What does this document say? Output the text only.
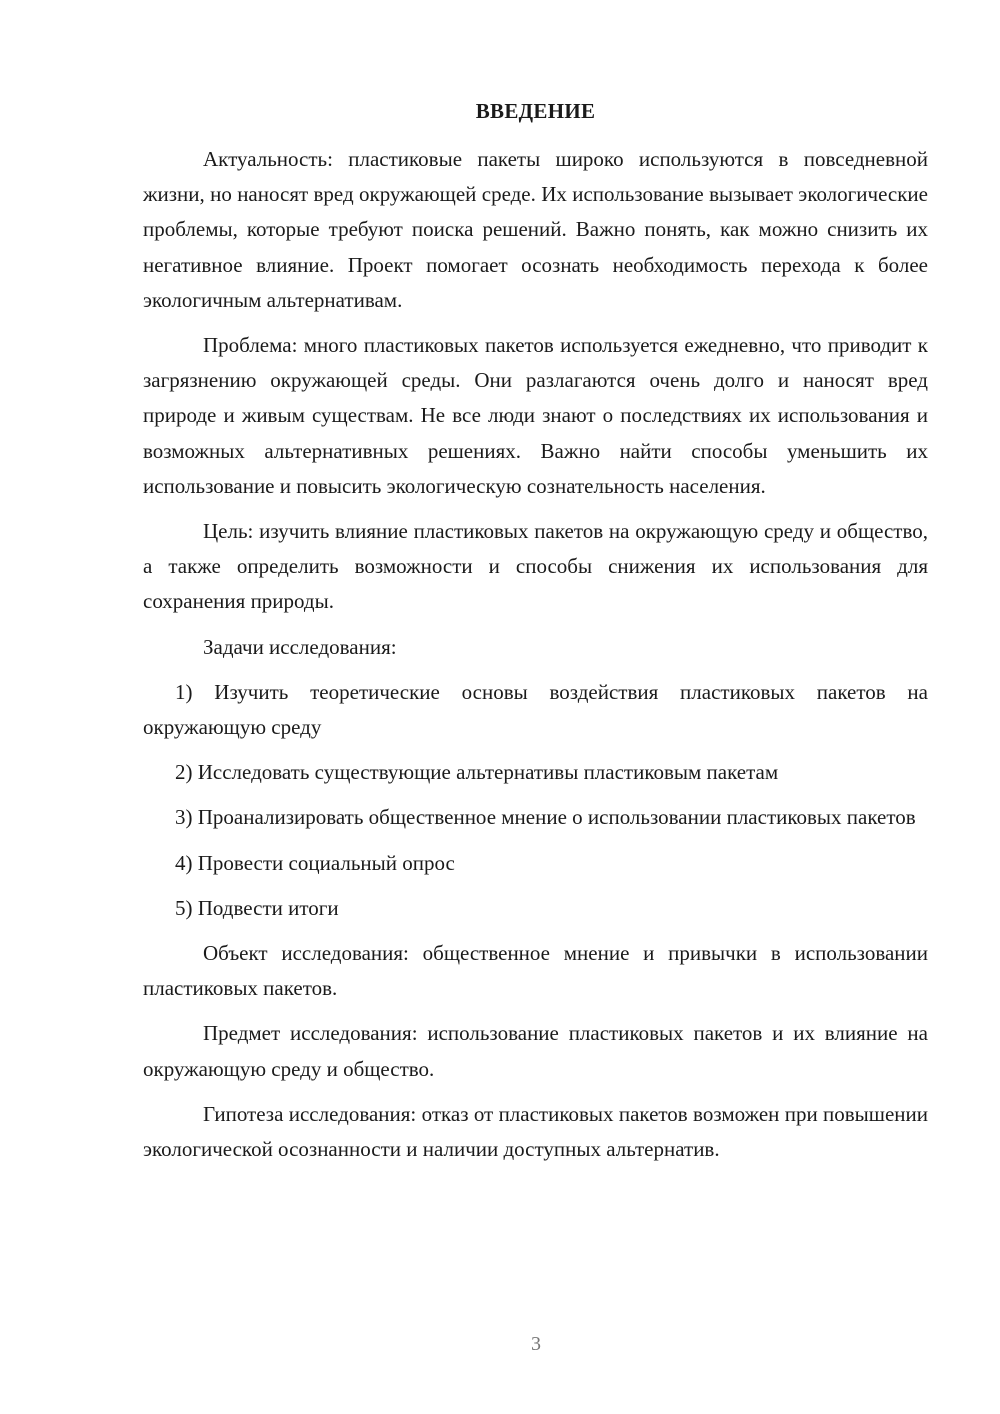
ВВЕДЕНИЕ

Актуальность: пластиковые пакеты широко используются в повседневной жизни, но наносят вред окружающей среде. Их использование вызывает экологические проблемы, которые требуют поиска решений. Важно понять, как можно снизить их негативное влияние. Проект помогает осознать необходимость перехода к более экологичным альтернативам.

Проблема: много пластиковых пакетов используется ежедневно, что приводит к загрязнению окружающей среды. Они разлагаются очень долго и наносят вред природе и живым существам. Не все люди знают о последствиях их использования и возможных альтернативных решениях. Важно найти способы уменьшить их использование и повысить экологическую сознательность населения.

Цель: изучить влияние пластиковых пакетов на окружающую среду и общество, а также определить возможности и способы снижения их использования для сохранения природы.

Задачи исследования:

1) Изучить теоретические основы воздействия пластиковых пакетов на окружающую среду

2) Исследовать существующие альтернативы пластиковым пакетам

3) Проанализировать общественное мнение о использовании пластиковых пакетов

4) Провести социальный опрос

5) Подвести итоги

Объект исследования: общественное мнение и привычки в использовании пластиковых пакетов.

Предмет исследования: использование пластиковых пакетов и их влияние на окружающую среду и общество.

Гипотеза исследования: отказ от пластиковых пакетов возможен при повышении экологической осознанности и наличии доступных альтернатив.

3
